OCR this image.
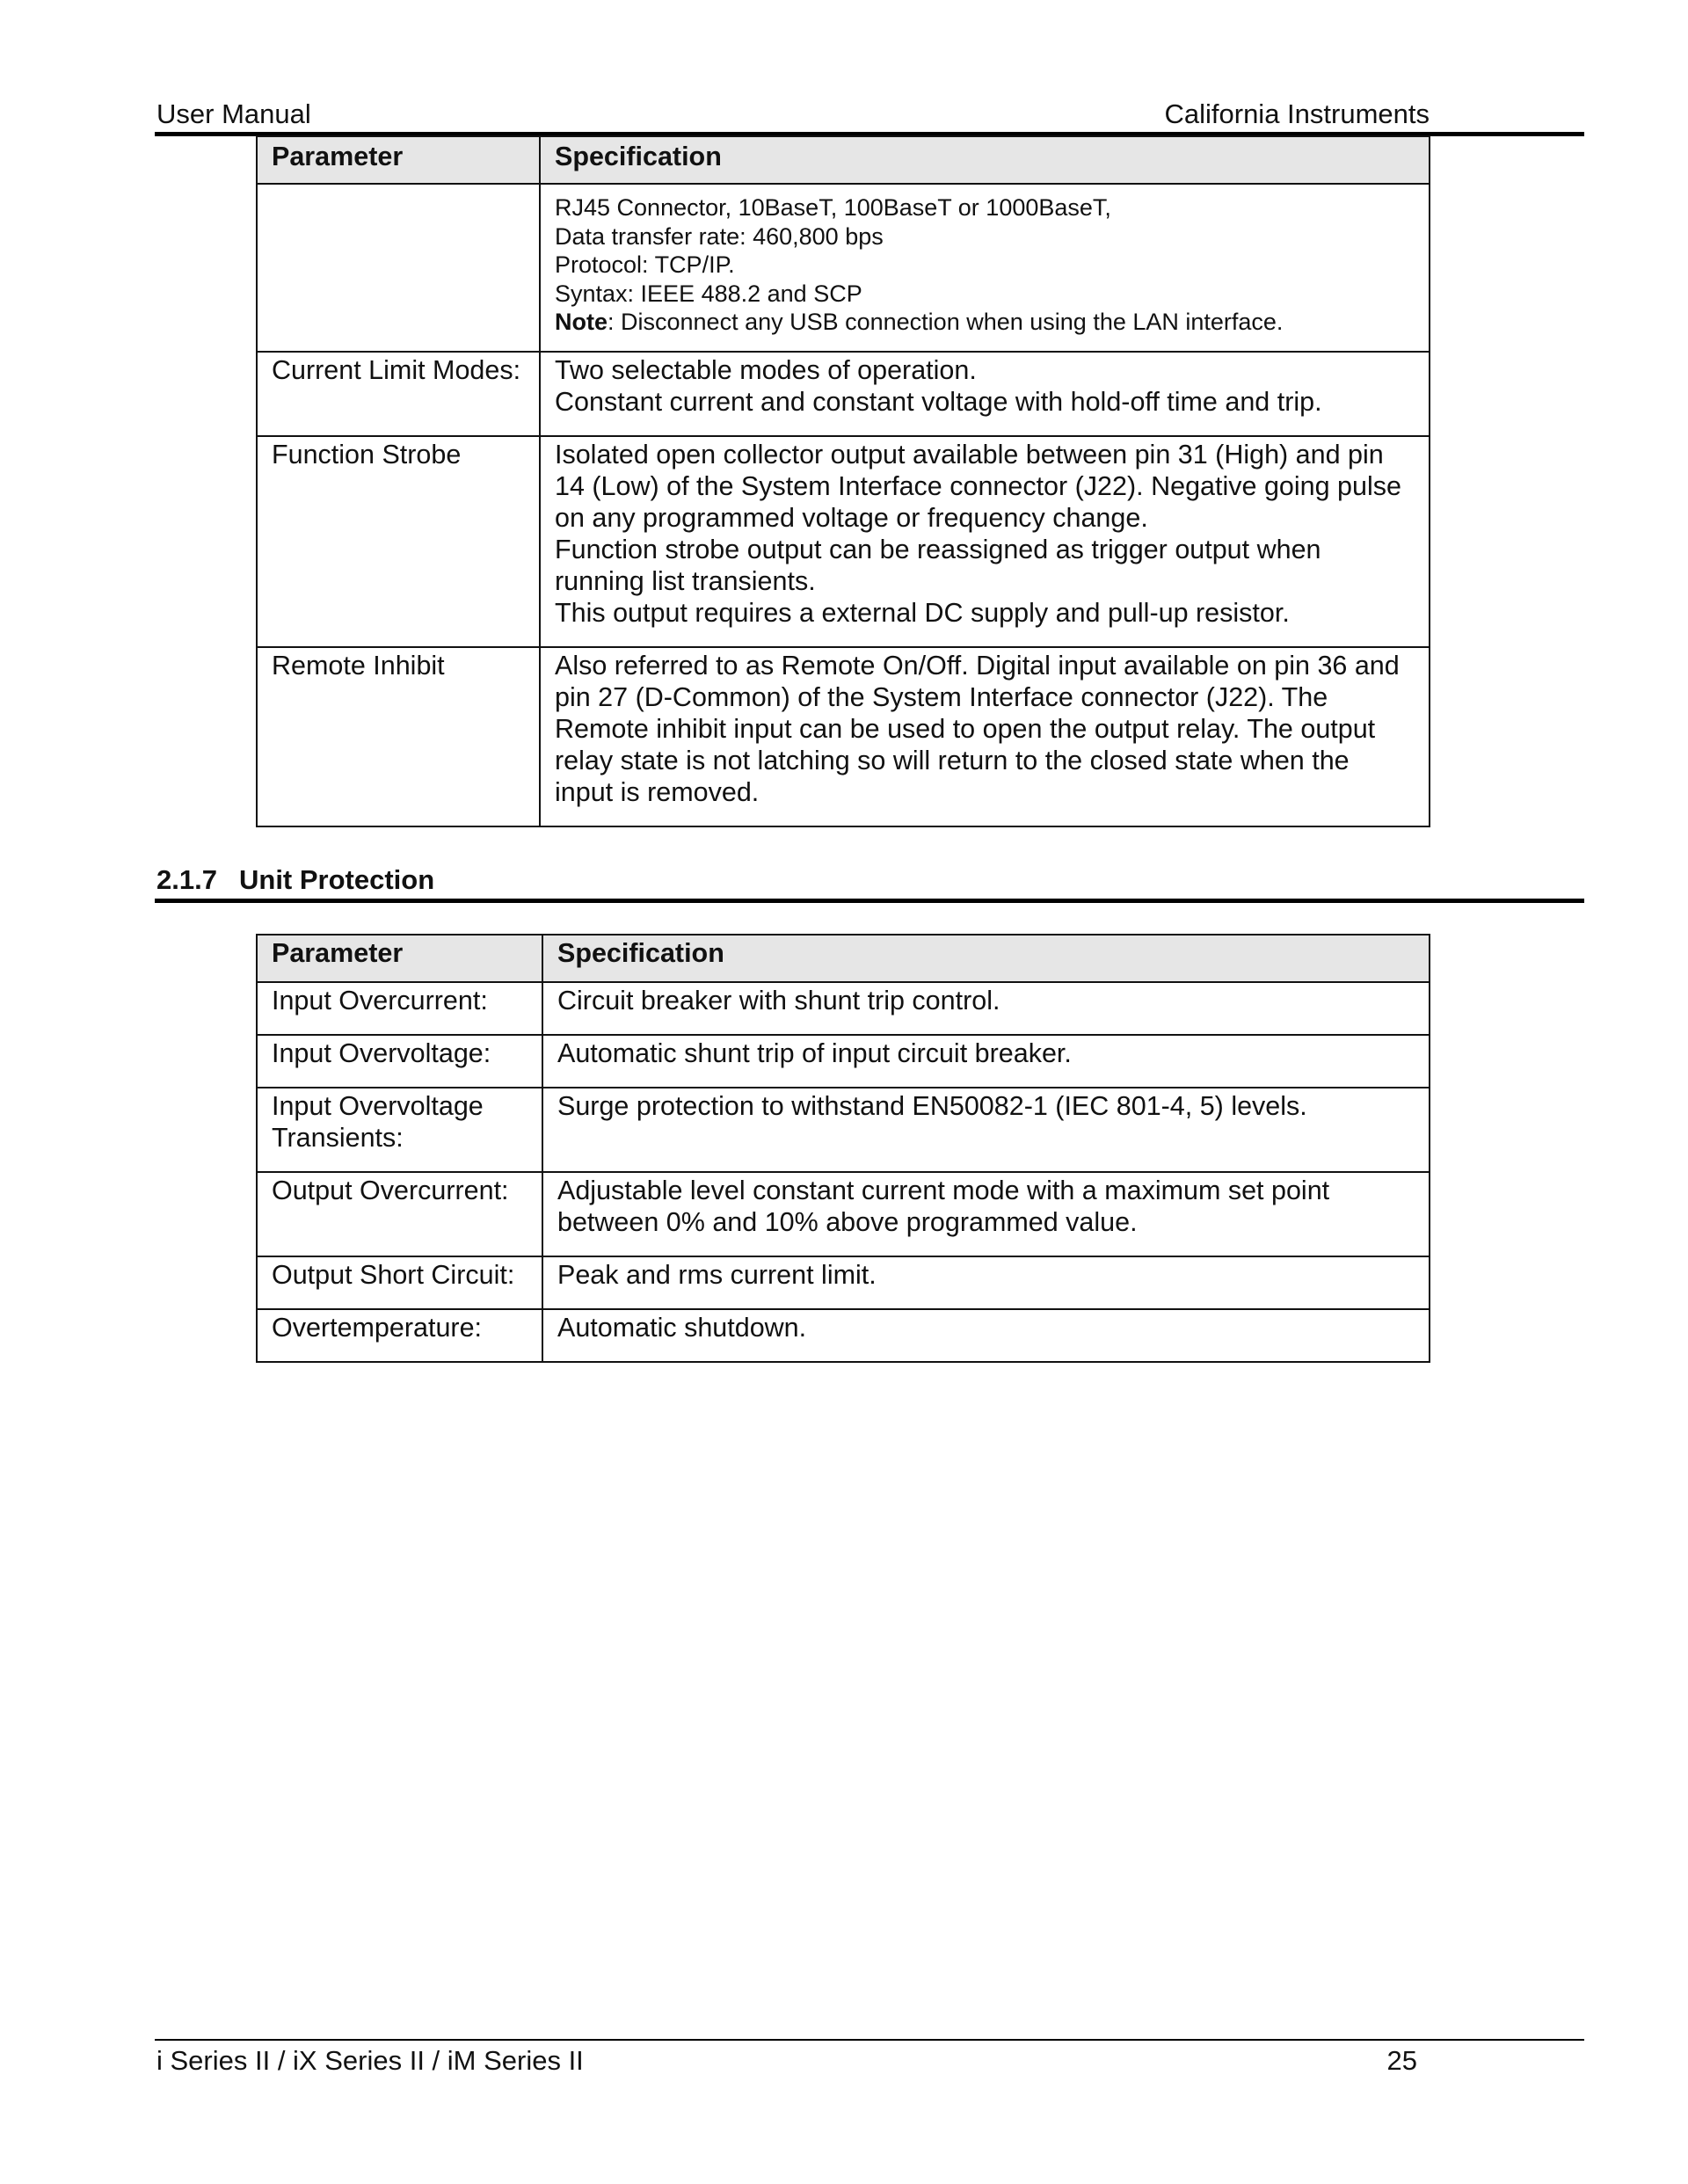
User Manual	California Instruments
Parameter	Specification

	RJ45 Connector, 10BaseT, 100BaseT or 1000BaseT,
Data transfer rate: 460,800 bps
Protocol: TCP/IP.
Syntax: IEEE 488.2 and SCP
Note: Disconnect any USB connection when using the LAN interface.

Current Limit Modes:	Two selectable modes of operation.
Constant current and constant voltage with hold-off time and trip.

Function Strobe	Isolated open collector output available between pin 31 (High) and pin 14 (Low) of the System Interface connector (J22). Negative going pulse on any programmed voltage or frequency change.
Function strobe output can be reassigned as trigger output when running list transients.
This output requires a external DC supply and pull-up resistor.

Remote Inhibit	Also referred to as Remote On/Off. Digital input available on pin 36 and pin 27 (D-Common) of the System Interface connector (J22). The Remote inhibit input can be used to open the output relay. The output relay state is not latching so will return to the closed state when the input is removed.
2.1.7 Unit Protection
Parameter	Specification
Input Overcurrent:	Circuit breaker with shunt trip control.
Input Overvoltage:	Automatic shunt trip of input circuit breaker.
Input Overvoltage Transients:	Surge protection to withstand EN50082-1 (IEC 801-4, 5) levels.
Output Overcurrent:	Adjustable level constant current mode with a maximum set point between 0% and 10% above programmed value.
Output Short Circuit:	Peak and rms current limit.
Overtemperature:	Automatic shutdown.
i Series II / iX Series II / iM Series II	25
